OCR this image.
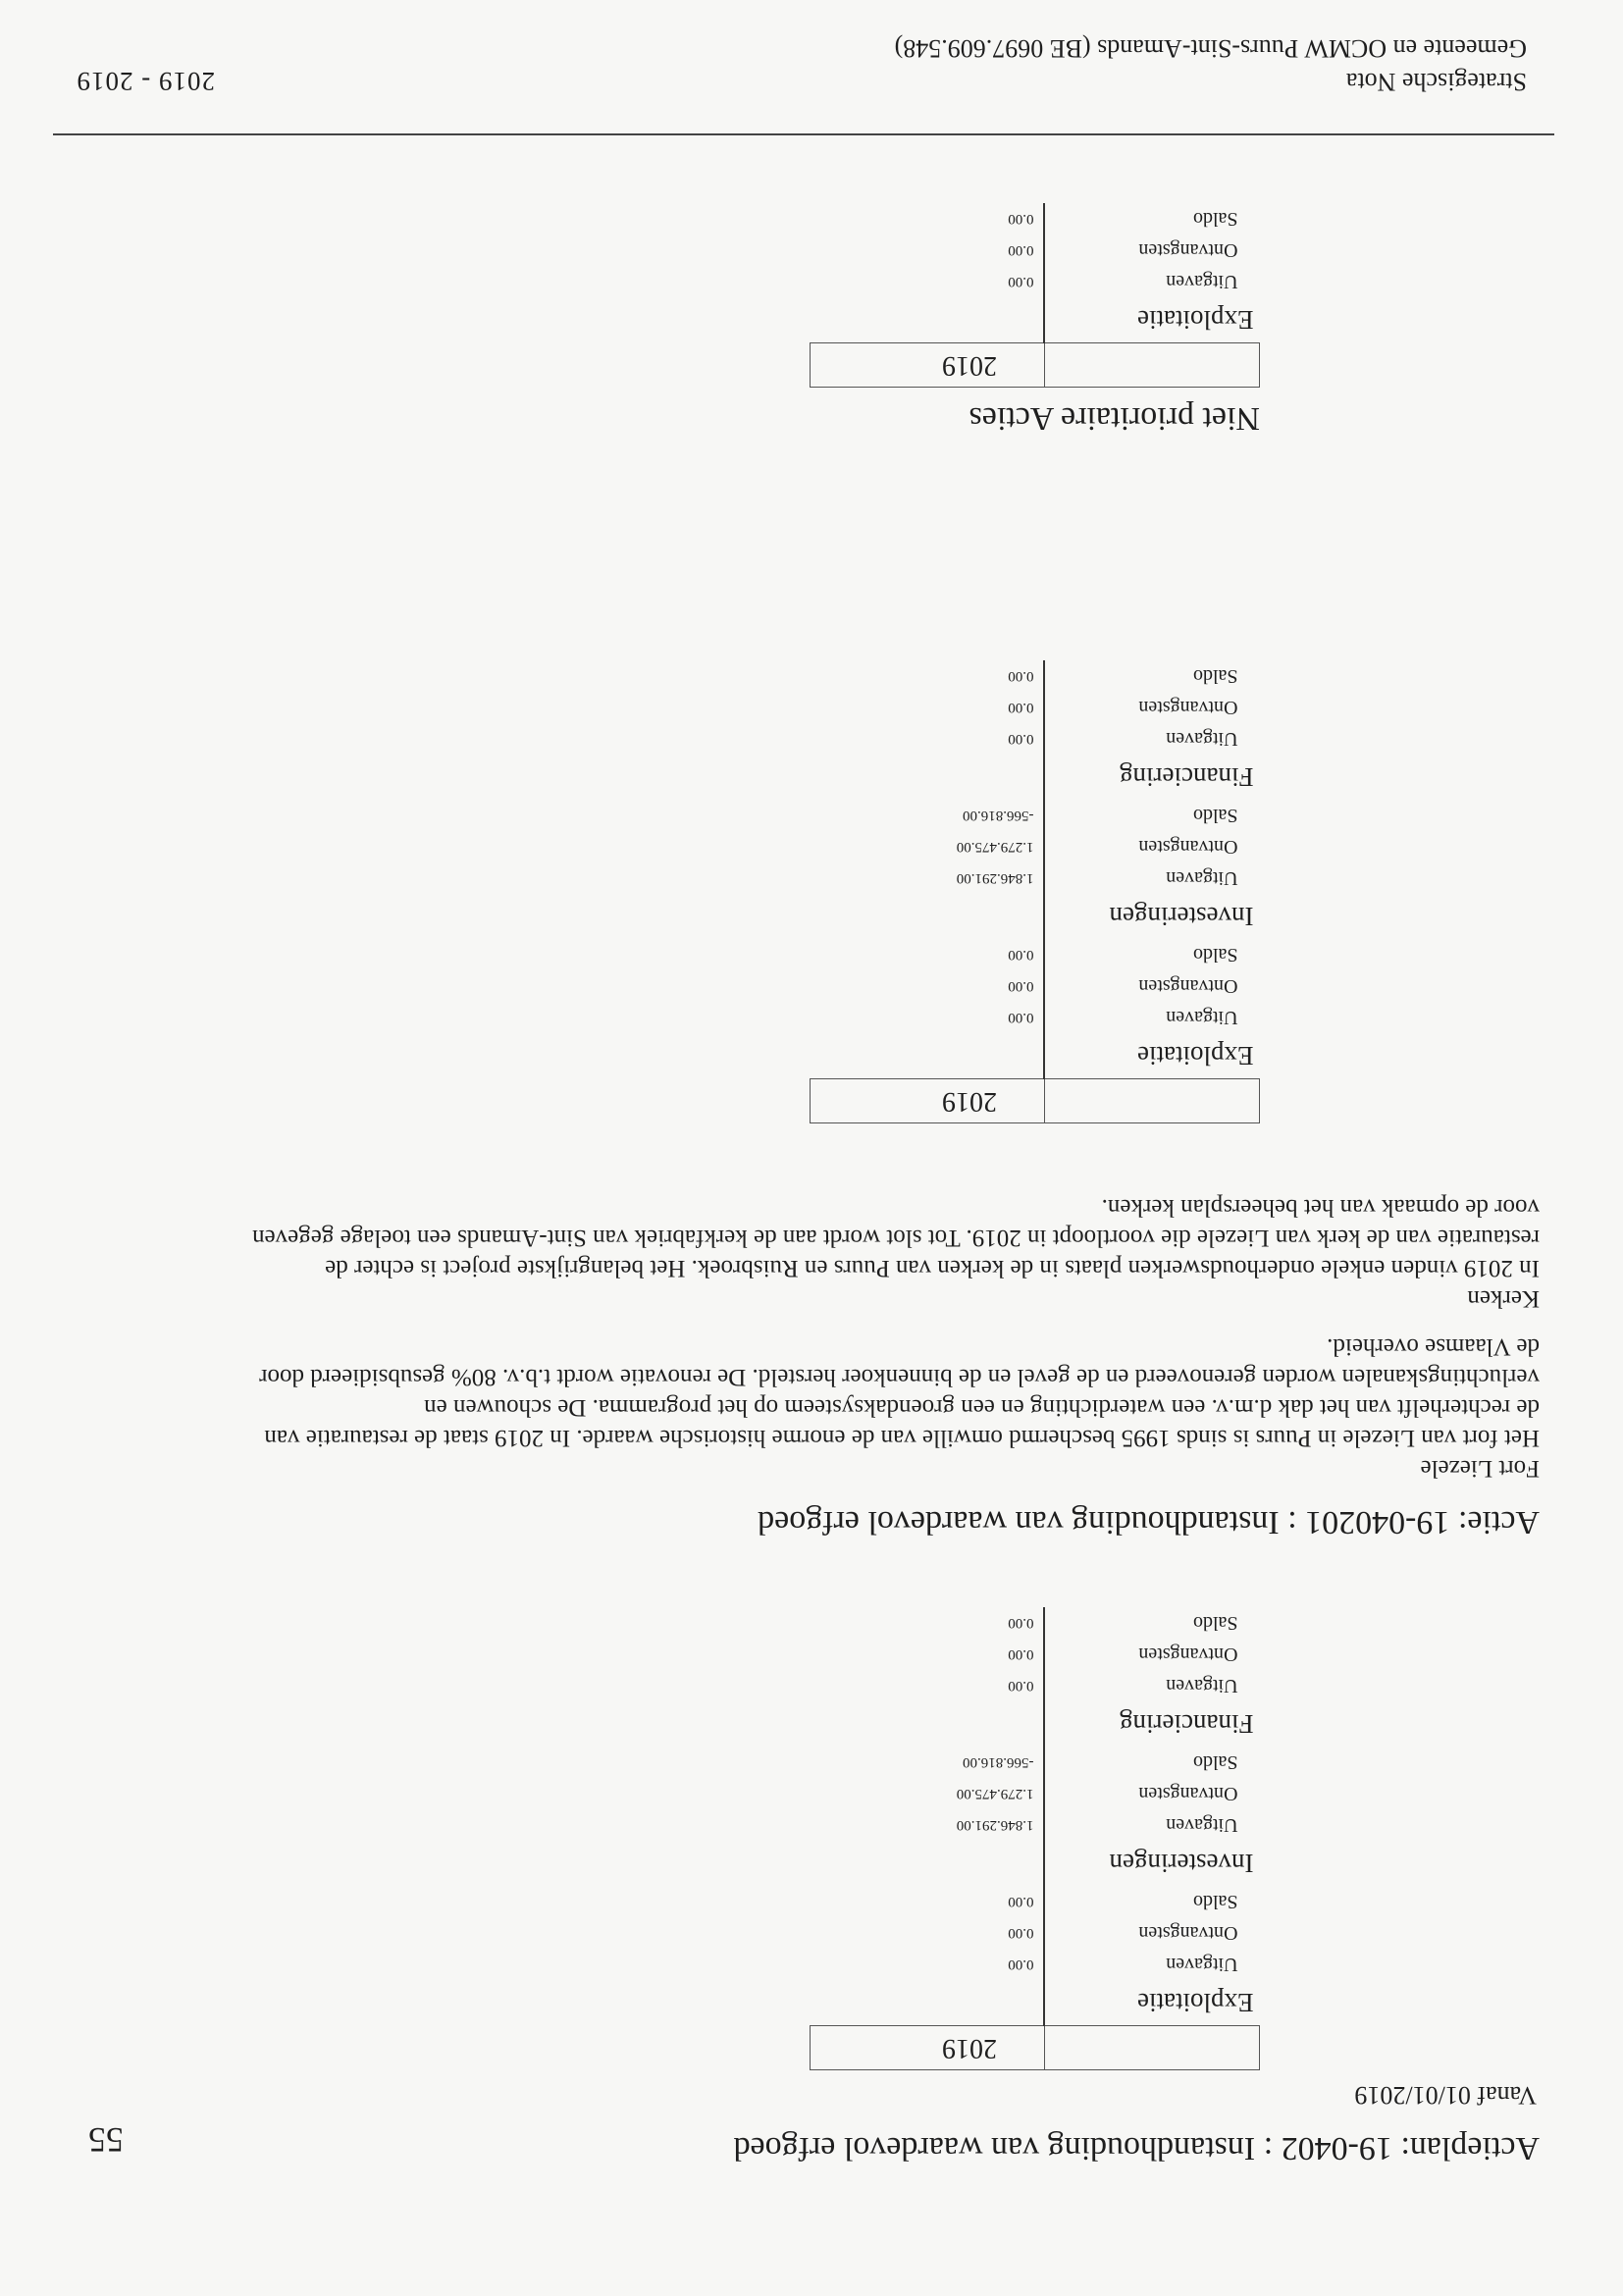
Strategische Nota
Gemeente en OCMW Puurs-Sint-Amands (BE 0697.609.548)
2019 - 2019
55	Actieplan: 19-0402 : Instandhouding van waardevol erfgoed
Vanaf 01/01/2019
	2019
Exploitatie	
Uitgaven	0.00
Ontvangsten	0.00
Saldo	0.00
Investeringen	
Uitgaven	1.846.291.00
Ontvangsten	1.279.475.00
Saldo	-566.816.00
Financiering	
Uitgaven	0.00
Ontvangsten	0.00
Saldo	0.00
Actie: 19-040201 : Instandhouding van waardevol erfgoed
Fort Liezele
Het fort van Liezele in Puurs is sinds 1995 beschermd omwille van de enorme historische waarde. In 2019 staat de restauratie van
de rechterhelft van het dak d.m.v. een waterdichting en een groendaksysteem op het programma. De schouwen en
verluchtingskanalen worden gerenoveerd en de gevel en de binnenkoer hersteld. De renovatie wordt t.b.v. 80% gesubsidieerd door
de Vlaamse overheid.
Kerken
In 2019 vinden enkele onderhoudswerken plaats in de kerken van Puurs en Ruisbroek. Het belangrijkste project is echter de
restauratie van de kerk van Liezele die voortloopt in 2019. Tot slot wordt aan de kerkfabriek van Sint-Amands een toelage gegeven
voor de opmaak van het beheersplan kerken.
	2019
Exploitatie	
Uitgaven	0.00
Ontvangsten	0.00
Saldo	0.00
Investeringen	
Uitgaven	1.846.291.00
Ontvangsten	1.279.475.00
Saldo	-566.816.00
Financiering	
Uitgaven	0.00
Ontvangsten	0.00
Saldo	0.00
Niet prioritaire Acties
	2019
Exploitatie	
Uitgaven	0.00
Ontvangsten	0.00
Saldo	0.00
